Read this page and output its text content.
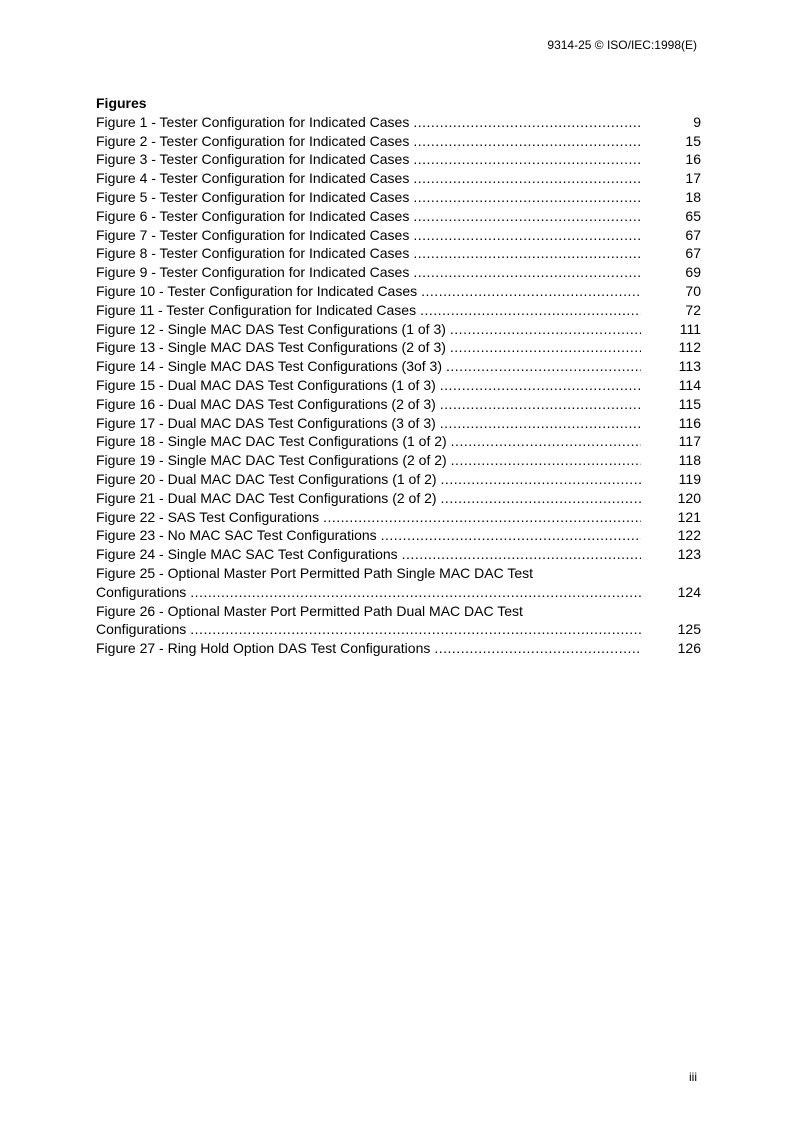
9314-25 © ISO/IEC:1998(E)
Figures
Figure 1 - Tester Configuration for Indicated Cases .....	9
Figure 2 - Tester Configuration for Indicated Cases .....	15
Figure 3 - Tester Configuration for Indicated Cases .....	16
Figure 4 - Tester Configuration for Indicated Cases .....	17
Figure 5 - Tester Configuration for Indicated Cases .....	18
Figure 6 - Tester Configuration for Indicated Cases .....	65
Figure 7 - Tester Configuration for Indicated Cases .....	67
Figure 8 - Tester Configuration for Indicated Cases .....	67
Figure 9 - Tester Configuration for Indicated Cases .....	69
Figure 10 - Tester Configuration for Indicated Cases .....	70
Figure 11 - Tester Configuration for Indicated Cases .....	72
Figure 12 - Single MAC DAS Test Configurations (1 of 3) .....	111
Figure 13 - Single MAC DAS Test Configurations (2 of 3) .....	112
Figure 14 - Single MAC DAS Test Configurations (3of 3) .....	113
Figure 15 - Dual MAC DAS Test Configurations (1 of 3) .....	114
Figure 16 - Dual MAC DAS Test Configurations (2 of 3) .....	115
Figure 17 - Dual MAC DAS Test Configurations (3 of 3) .....	116
Figure 18 - Single MAC DAC Test Configurations (1 of 2) .....	117
Figure 19 - Single MAC DAC Test Configurations (2 of 2) .....	118
Figure 20 - Dual MAC DAC Test Configurations (1 of 2) .....	119
Figure 21 - Dual MAC DAC Test Configurations (2 of 2) .....	120
Figure 22 - SAS Test Configurations .....	121
Figure 23 - No MAC SAC Test Configurations .....	122
Figure 24 - Single MAC SAC Test Configurations .....	123
Figure 25 - Optional Master Port Permitted Path Single MAC DAC Test
Configurations .....	124
Figure 26 - Optional Master Port Permitted Path Dual MAC DAC Test
Configurations .....	125
Figure 27 - Ring Hold Option DAS Test Configurations .....	126
iii
